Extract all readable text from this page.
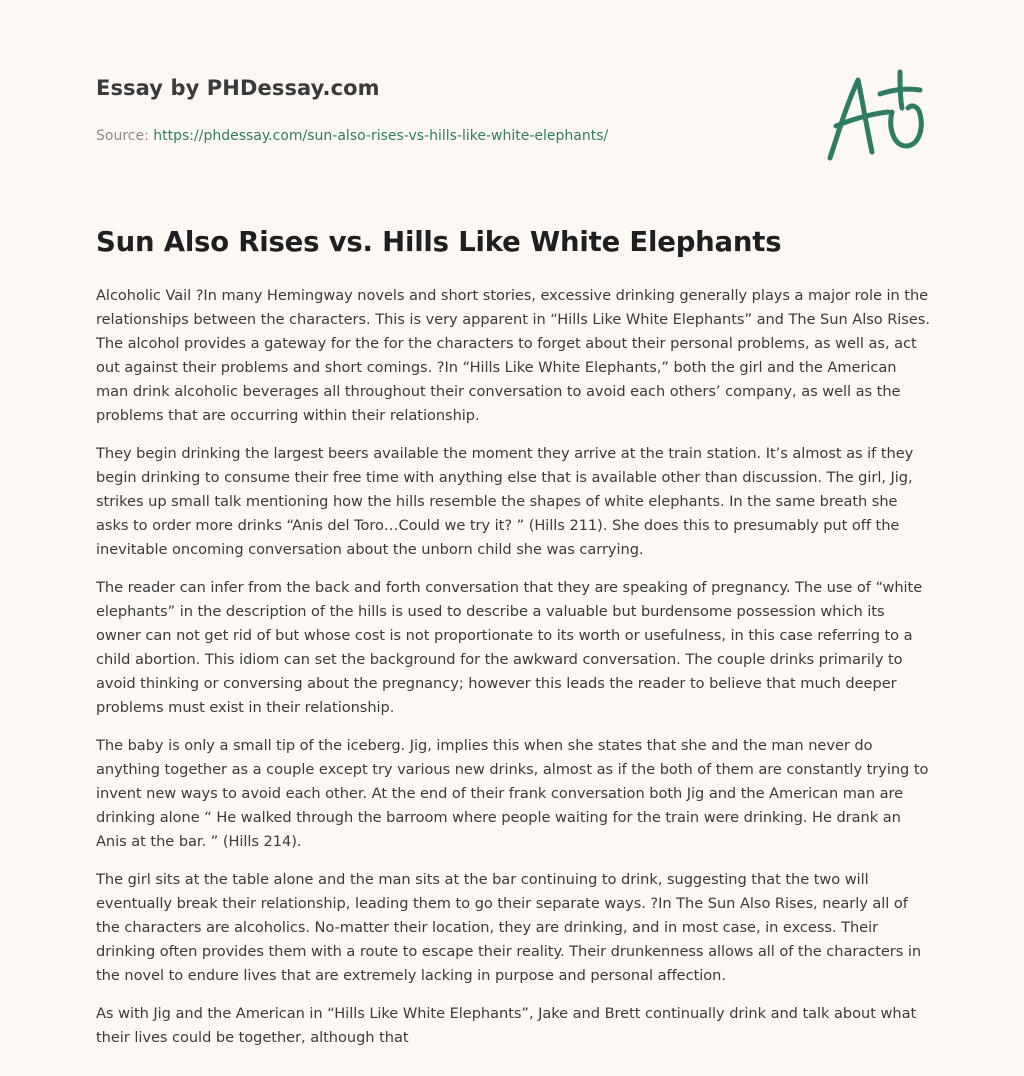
Essay by PHDessay.com
Source: https://phdessay.com/sun-also-rises-vs-hills-like-white-elephants/
Sun Also Rises vs. Hills Like White Elephants

Alcoholic Vail ?In many Hemingway novels and short stories, excessive drinking generally plays a major role in the relationships between the characters. This is very apparent in “Hills Like White Elephants” and The Sun Also Rises. The alcohol provides a gateway for the for the characters to forget about their personal problems, as well as, act out against their problems and short comings. ?In “Hills Like White Elephants,” both the girl and the American man drink alcoholic beverages all throughout their conversation to avoid each others’ company, as well as the problems that are occurring within their relationship.

They begin drinking the largest beers available the moment they arrive at the train station. It’s almost as if they begin drinking to consume their free time with anything else that is available other than discussion. The girl, Jig, strikes up small talk mentioning how the hills resemble the shapes of white elephants. In the same breath she asks to order more drinks “Anis del Toro…Could we try it? ” (Hills 211). She does this to presumably put off the inevitable oncoming conversation about the unborn child she was carrying.

The reader can infer from the back and forth conversation that they are speaking of pregnancy. The use of “white elephants” in the description of the hills is used to describe a valuable but burdensome possession which its owner can not get rid of but whose cost is not proportionate to its worth or usefulness, in this case referring to a child abortion. This idiom can set the background for the awkward conversation. The couple drinks primarily to avoid thinking or conversing about the pregnancy; however this leads the reader to believe that much deeper problems must exist in their relationship.

The baby is only a small tip of the iceberg. Jig, implies this when she states that she and the man never do anything together as a couple except try various new drinks, almost as if the both of them are constantly trying to invent new ways to avoid each other. At the end of their frank conversation both Jig and the American man are drinking alone “ He walked through the barroom where people waiting for the train were drinking. He drank an Anis at the bar. ” (Hills 214).

The girl sits at the table alone and the man sits at the bar continuing to drink, suggesting that the two will eventually break their relationship, leading them to go their separate ways. ?In The Sun Also Rises, nearly all of the characters are alcoholics. No-matter their location, they are drinking, and in most case, in excess. Their drinking often provides them with a route to escape their reality. Their drunkenness allows all of the characters in the novel to endure lives that are extremely lacking in purpose and personal affection.

As with Jig and the American in “Hills Like White Elephants”, Jake and Brett continually drink and talk about what their lives could be together, although that
